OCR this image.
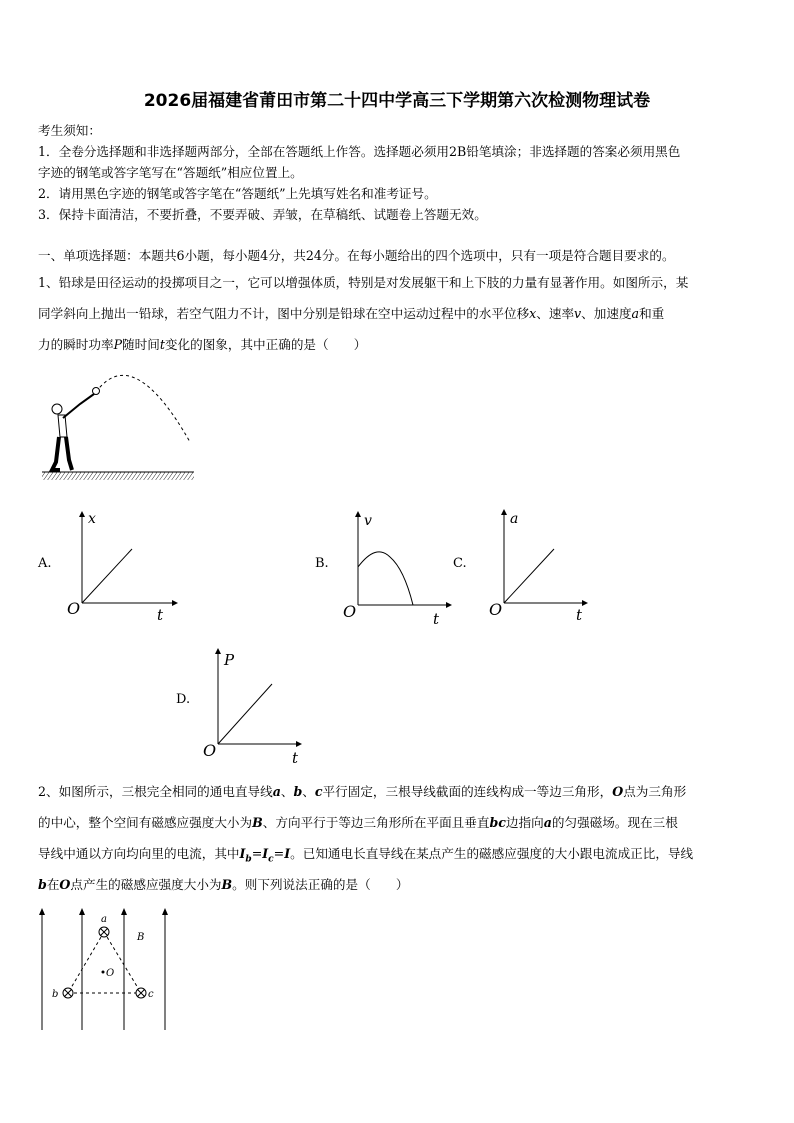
2026届福建省莆田市第二十四中学高三下学期第六次检测物理试卷
考生须知：
1．全卷分选择题和非选择题两部分，全部在答题纸上作答。选择题必须用2B铅笔填涂；非选择题的答案必须用黑色
字迹的钢笔或答字笔写在“答题纸”相应位置上。
2．请用黑色字迹的钢笔或答字笔在“答题纸”上先填写姓名和准考证号。
3．保持卡面清洁，不要折叠，不要弄破、弄皱，在草稿纸、试题卷上答题无效。
一、单项选择题：本题共6小题，每小题4分，共24分。在每小题给出的四个选项中，只有一项是符合题目要求的。
1、铅球是田径运动的投掷项目之一，它可以增强体质，特别是对发展躯干和上下肢的力量有显著作用。如图所示，某
同学斜向上抛出一铅球，若空气阻力不计，图中分别是铅球在空中运动过程中的水平位移x、速率v、加速度a和重
力的瞬时功率P随时间t变化的图象，其中正确的是（　　）
x
t
O
A.
v
t
O
B.
a
t
O
C.
P
t
O
D.
2、如图所示，三根完全相同的通电直导线a、b、c平行固定，三根导线截面的连线构成一等边三角形，O点为三角形
的中心，整个空间有磁感应强度大小为B、方向平行于等边三角形所在平面且垂直bc边指向a的匀强磁场。现在三根
导线中通以方向均向里的电流，其中$I_b=I_c=I$。已知通电长直导线在某点产生的磁感应强度的大小跟电流成正比，导线
b在O点产生的磁感应强度大小为B。则下列说法正确的是（　　）
a
b	c
O
B
